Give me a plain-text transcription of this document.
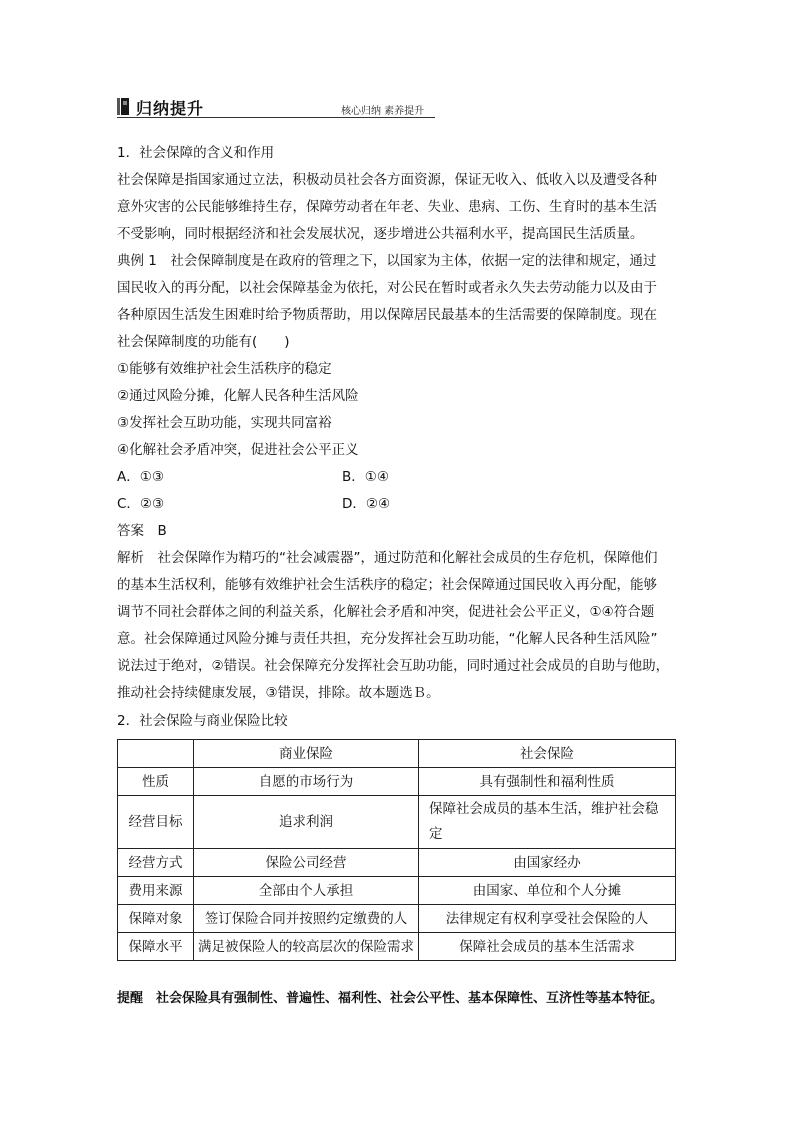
归纳提升	核心归纳 素养提升
1．社会保障的含义和作用
社会保障是指国家通过立法，积极动员社会各方面资源，保证无收入、低收入以及遭受各种
意外灾害的公民能够维持生存，保障劳动者在年老、失业、患病、工伤、生育时的基本生活
不受影响，同时根据经济和社会发展状况，逐步增进公共福利水平，提高国民生活质量。
典例 1　 社会保障制度是在政府的管理之下，以国家为主体，依据一定的法律和规定，通过
国民收入的再分配，以社会保障基金为依托，对公民在暂时或者永久失去劳动能力以及由于
各种原因生活发生困难时给予物质帮助，用以保障居民最基本的生活需要的保障制度。现在
社会保障制度的功能有(　　)
①能够有效维护社会生活秩序的稳定
②通过风险分摊，化解人民各种生活风险
③发挥社会互助功能，实现共同富裕
④化解社会矛盾冲突，促进社会公平正义
A．①③	B．①④
C．②③	D．②④
答案　 B
解析　 社会保障作为精巧的“社会减震器”，通过防范和化解社会成员的生存危机，保障他们
的基本生活权利，能够有效维护社会生活秩序的稳定；社会保障通过国民收入再分配，能够
调节不同社会群体之间的利益关系，化解社会矛盾和冲突，促进社会公平正义，①④符合题
意。社会保障通过风险分摊与责任共担，充分发挥社会互助功能，“化解人民各种生活风险”
说法过于绝对，②错误。社会保障充分发挥社会互助功能，同时通过社会成员的自助与他助，
推动社会持续健康发展，③错误，排除。故本题选Ｂ。
2．社会保险与商业保险比较
	商业保险	社会保险
性质	自愿的市场行为	具有强制性和福利性质
经营目标	追求利润	保障社会成员的基本生活，维护社会稳定
经营方式	保险公司经营	由国家经办
费用来源	全部由个人承担	由国家、单位和个人分摊
保障对象	签订保险合同并按照约定缴费的人	法律规定有权利享受社会保险的人
保障水平	满足被保险人的较高层次的保险需求	保障社会成员的基本生活需求
提醒　 社会保险具有强制性、普遍性、福利性、社会公平性、基本保障性、互济性等基本特征。
